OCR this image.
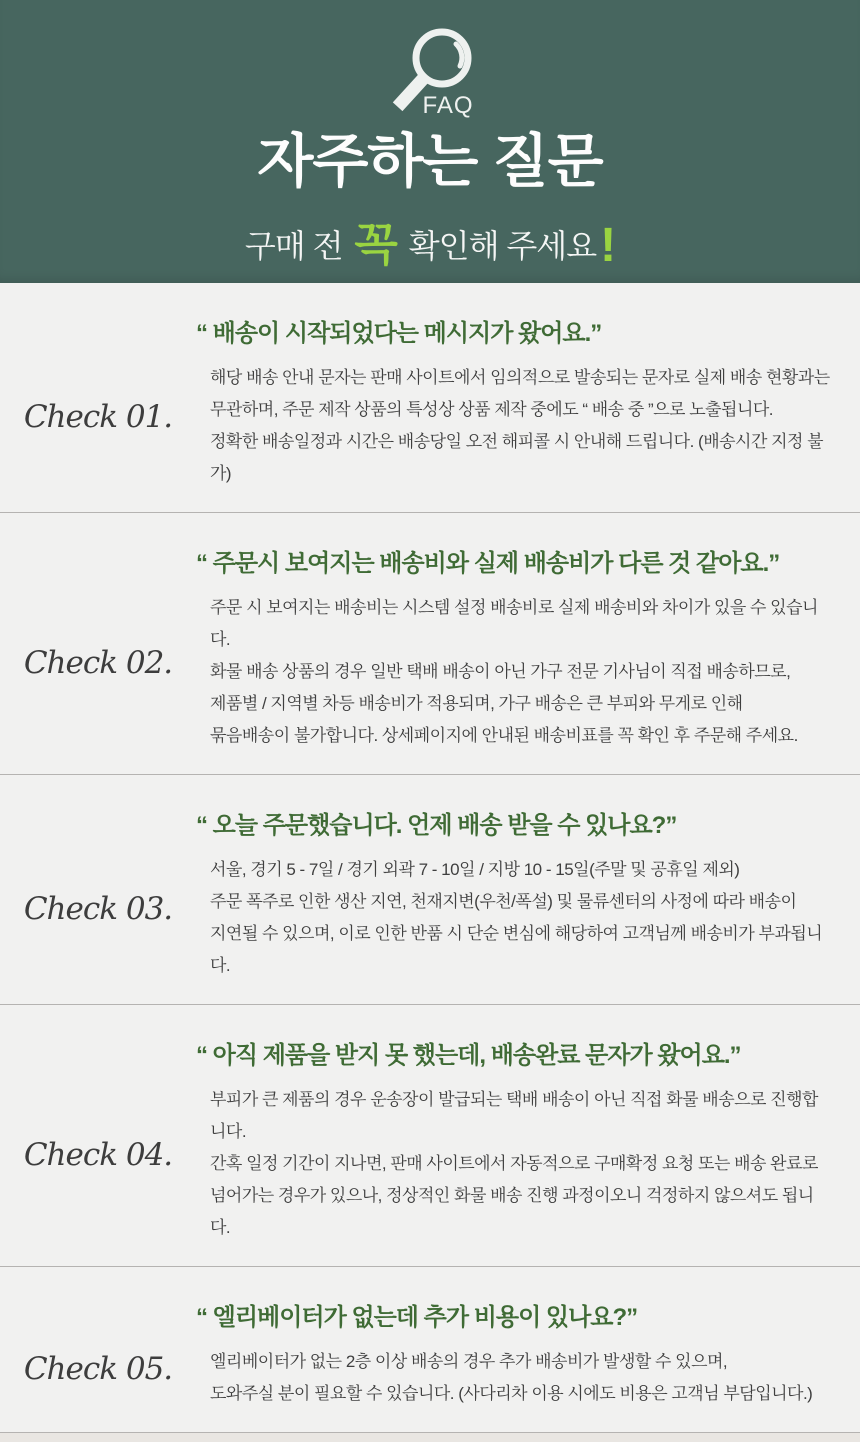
FAQ
자주하는 질문
구매 전 꼭 확인해 주세요!
“ 배송이 시작되었다는 메시지가 왔어요.”
Check 01.
해당 배송 안내 문자는 판매 사이트에서 임의적으로 발송되는 문자로 실제 배송 현황과는
무관하며, 주문 제작 상품의 특성상 상품 제작 중에도 “ 배송 중 ”으로 노출됩니다.
정확한 배송일정과 시간은 배송당일 오전 해피콜 시 안내해 드립니다. (배송시간 지정 불가)
“ 주문시 보여지는 배송비와 실제 배송비가 다른 것 같아요.”
Check 02.
주문 시 보여지는 배송비는 시스템 설정 배송비로 실제 배송비와 차이가 있을 수 있습니다.
화물 배송 상품의 경우 일반 택배 배송이 아닌 가구 전문 기사님이 직접 배송하므로,
제품별 / 지역별 차등 배송비가 적용되며, 가구 배송은 큰 부피와 무게로 인해
묶음배송이 불가합니다. 상세페이지에 안내된 배송비표를 꼭 확인 후 주문해 주세요.
“ 오늘 주문했습니다. 언제 배송 받을 수 있나요?”
Check 03.
서울, 경기 5 - 7일 / 경기 외곽 7 - 10일 / 지방 10 - 15일(주말 및 공휴일 제외)
주문 폭주로 인한 생산 지연, 천재지변(우천/폭설) 및 물류센터의 사정에 따라 배송이
지연될 수 있으며, 이로 인한 반품 시 단순 변심에 해당하여 고객님께 배송비가 부과됩니다.
“ 아직 제품을 받지 못 했는데, 배송완료 문자가 왔어요.”
Check 04.
부피가 큰 제품의 경우 운송장이 발급되는 택배 배송이 아닌 직접 화물 배송으로 진행합니다.
간혹 일정 기간이 지나면, 판매 사이트에서 자동적으로 구매확정 요청 또는 배송 완료로
넘어가는 경우가 있으나, 정상적인 화물 배송 진행 과정이오니 걱정하지 않으셔도 됩니다.
“ 엘리베이터가 없는데 추가 비용이 있나요?”
Check 05.	엘리베이터가 없는 2층 이상 배송의 경우 추가 배송비가 발생할 수 있으며,
도와주실 분이 필요할 수 있습니다. (사다리차 이용 시에도 비용은 고객님 부담입니다.)
